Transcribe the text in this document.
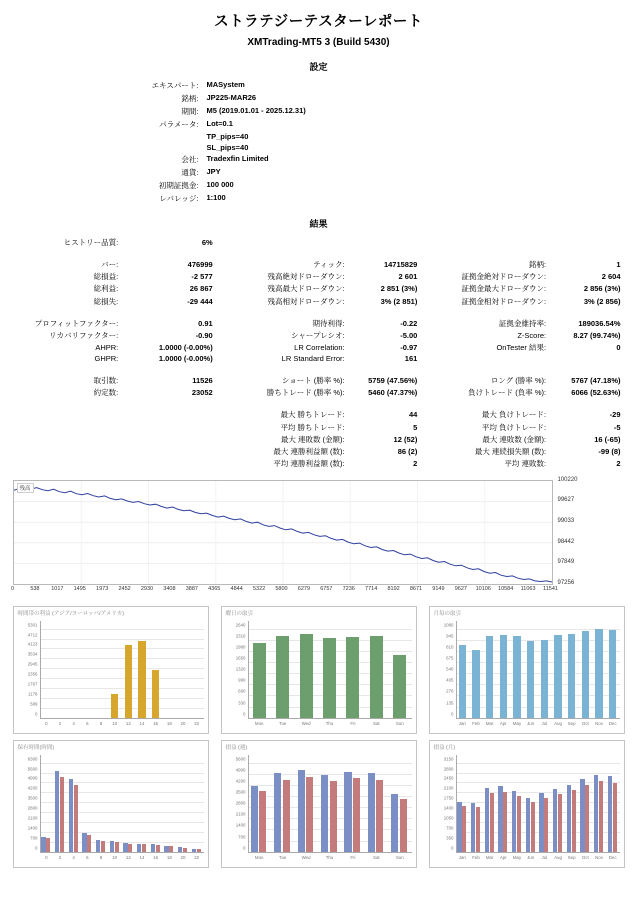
ストラテジーテスターレポート
XMTrading-MT5 3 (Build 5430)
設定
エキスパート:	MASystem
銘柄:	JP225-MAR26
期間:	M5 (2019.01.01 - 2025.12.31)
パラメータ:	Lot=0.1
	TP_pips=40
	SL_pips=40
会社:	Tradexfin Limited
通貨:	JPY
初期証拠金:	100 000
レバレッジ:	1:100
結果
ヒストリー品質:	6%				

バー:	476999	ティック:	14715829	銘柄:	1
総損益:	-2 577	残高絶対ドローダウン:	2 601	証拠金絶対ドローダウン:	2 604
総利益:	26 867	残高最大ドローダウン:	2 851 (3%)	証拠金最大ドローダウン:	2 856 (3%)
総損失:	-29 444	残高相対ドローダウン:	3% (2 851)	証拠金相対ドローダウン:	3% (2 856)

プロフィットファクター:	0.91	期待利得:	-0.22	証拠金維持率:	189036.54%
リカバリファクター:	-0.90	シャープレシオ:	-5.00	Z-Score:	8.27 (99.74%)
AHPR:	1.0000 (-0.00%)	LR Correlation:	-0.97	OnTester 結果:	0
GHPR:	1.0000 (-0.00%)	LR Standard Error:	161		

取引数:	11526	ショート (勝率 %):	5759 (47.56%)	ロング (勝率 %):	5767 (47.18%)
約定数:	23052	勝ちトレード (勝率 %):	5460 (47.37%)	負けトレード (負率 %):	6066 (52.63%)

		最大 勝ちトレード:	44	最大 負けトレード:	-29
		平均 勝ちトレード:	5	平均 負けトレード:	-5
		最大 連敗数 (金額):	12 (52)	最大 連敗数 (金額):	16 (-65)
		最大 連勝利益額 (数):	86 (2)	最大 連続損失額 (数):	-99 (8)
		平均 連勝利益額 (数):	2	平均 連敗数:	2
残高
100220
99627
99033
98442
97849
97256
0	538 1017 1495 1973 2452 2930 3408 3887 4365 4844 5322 5800 6279 6757 7236 7714 8192 8671 9149 9627 10106 10584 11063 11541
時間帯の利益 (アジア/ヨーロッパ/アメリカ)
0
589
1178
1767
2356
2945
3534
4123
4712
5301
0	2	4	6	8 10 12 14 16 18 20 22
曜日の取引
0
330
660
990
1320
1650
1980
2310
2640
Mon	Tue	Wed	Thu	Fri	Sat	Sun
月毎の取引
0
135
270
405
540
675
810
945
1080
Jan Feb Mar Apr May Jun Jul Aug Sep Oct Nov Dec
保有時間(時間)
0
700
1400
2100
2800
3500
4200
4900
5600
6300
0	2	4	6	8 10 12 14 16 18 20 22
損益 (週)
0
700
1400
2100
2800
3500
4200
4900
5600
Mon	Tue	Wed	Thu	Fri	Sat	Sun
損益 (月)
0
350
700
1050
1400
1750
2100
2450
2800
3150
Jan Feb Mar Apr May Jun Jul Aug Sep Oct Nov Dec
